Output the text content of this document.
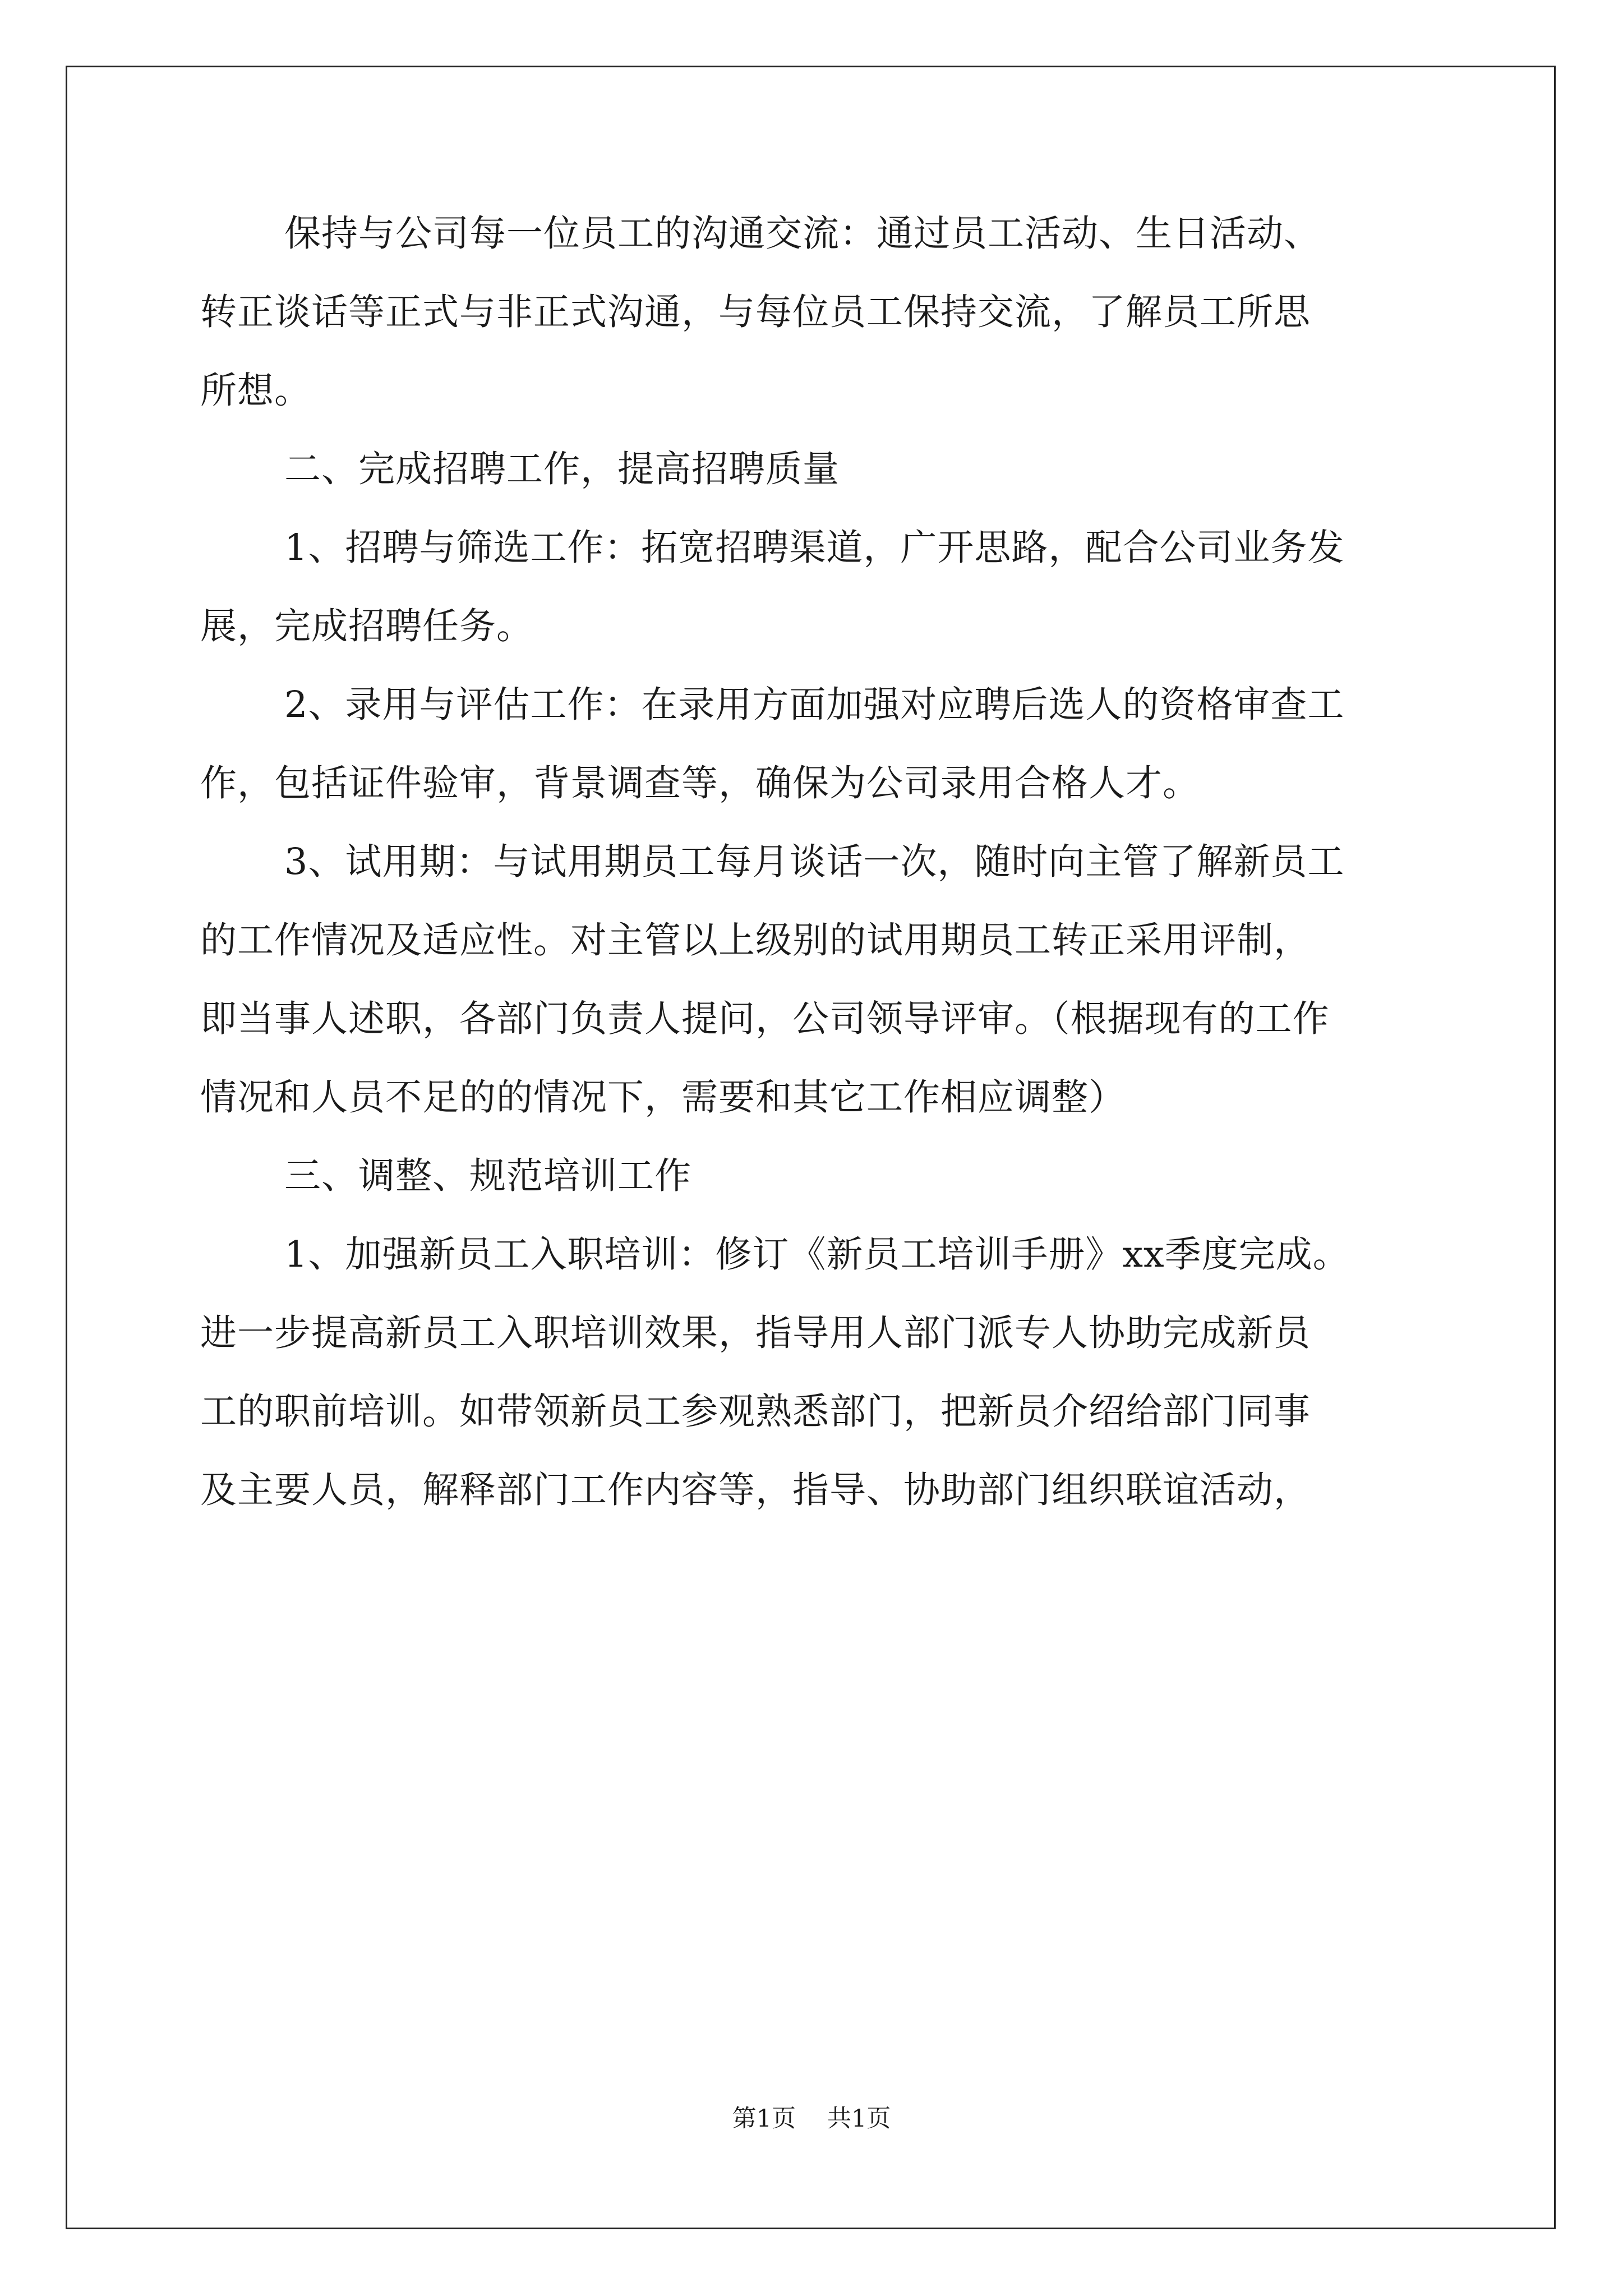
保持与公司每一位员工的沟通交流：通过员工活动、生日活动、
转正谈话等正式与非正式沟通，与每位员工保持交流，了解员工所思
所想。
二、完成招聘工作，提高招聘质量
1、招聘与筛选工作：拓宽招聘渠道，广开思路，配合公司业务发
展，完成招聘任务。
2、录用与评估工作：在录用方面加强对应聘后选人的资格审查工
作，包括证件验审，背景调查等，确保为公司录用合格人才。
3、试用期：与试用期员工每月谈话一次，随时向主管了解新员工
的工作情况及适应性。对主管以上级别的试用期员工转正采用评制，
即当事人述职，各部门负责人提问，公司领导评审。（根据现有的工作
情况和人员不足的的情况下，需要和其它工作相应调整）
三、调整、规范培训工作
1、加强新员工入职培训：修订《新员工培训手册》xx季度完成。
进一步提高新员工入职培训效果，指导用人部门派专人协助完成新员
工的职前培训。如带领新员工参观熟悉部门，把新员介绍给部门同事
及主要人员，解释部门工作内容等，指导、协助部门组织联谊活动，
第1页 共1页
